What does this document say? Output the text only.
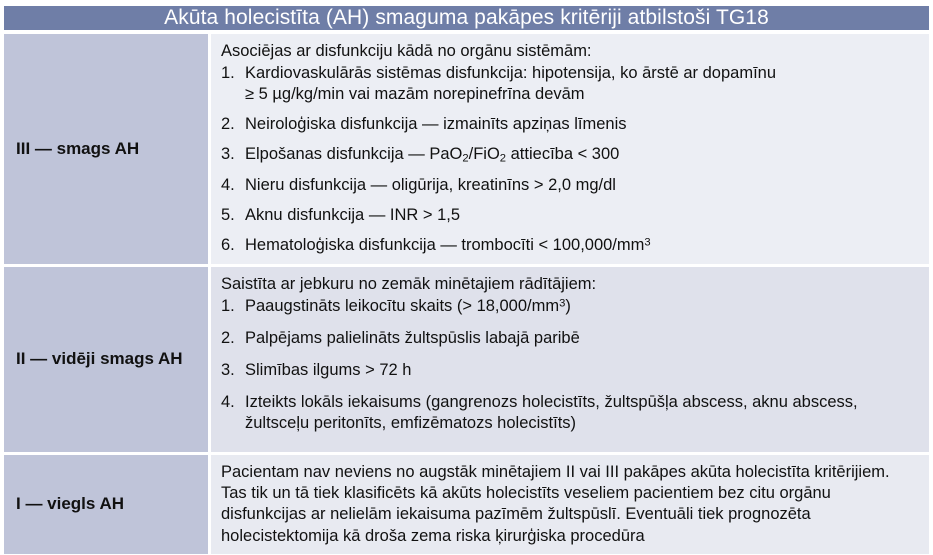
Akūta holecistīta (AH) smaguma pakāpes kritēriji atbilstoši TG18
III — smags AH

Asociējas ar disfunkciju kādā no orgānu sistēmām:

1. Kardiovaskulārās sistēmas disfunkcija: hipotensija, ko ārstē ar dopamīnu
≥ 5 µg/kg/min vai mazām norepinefrīna devām
2. Neiroloģiska disfunkcija — izmainīts apziņas līmenis
3. Elpošanas disfunkcija — PaO$_2$/FiO$_2$ attiecība < 300
4. Nieru disfunkcija — oligūrija, kreatinīns > 2,0 mg/dl
5. Aknu disfunkcija — INR > 1,5
6. Hematoloģiska disfunkcija — trombocīti < $100,000/mm^3$
II — vidēji smags AH

Saistīta ar jebkuru no zemāk minētajiem rādītājiem:

1. Paaugstināts leikocītu skaits (> $18,000/mm^3$)
2. Palpējams palielināts žultspūslis labajā paribē
3. Slimības ilgums > 72 h
4. Izteikts lokāls iekaisums (gangrenozs holecistīts, žultspūšļa abscess, aknu abscess,
žultsceļu peritonīts, emfizēmatozs holecistīts)
I — viegls AH

Pacientam nav neviens no augstāk minētajiem II vai III pakāpes akūta holecistīta kritērijiem. Tas tik un tā tiek klasificēts kā akūts holecistīts veseliem pacientiem bez citu orgānu disfunkcijas ar nelielām iekaisuma pazīmēm žultspūslī. Eventuāli tiek prognozēta holecistektomija kā droša zema riska ķirurģiska procedūra
